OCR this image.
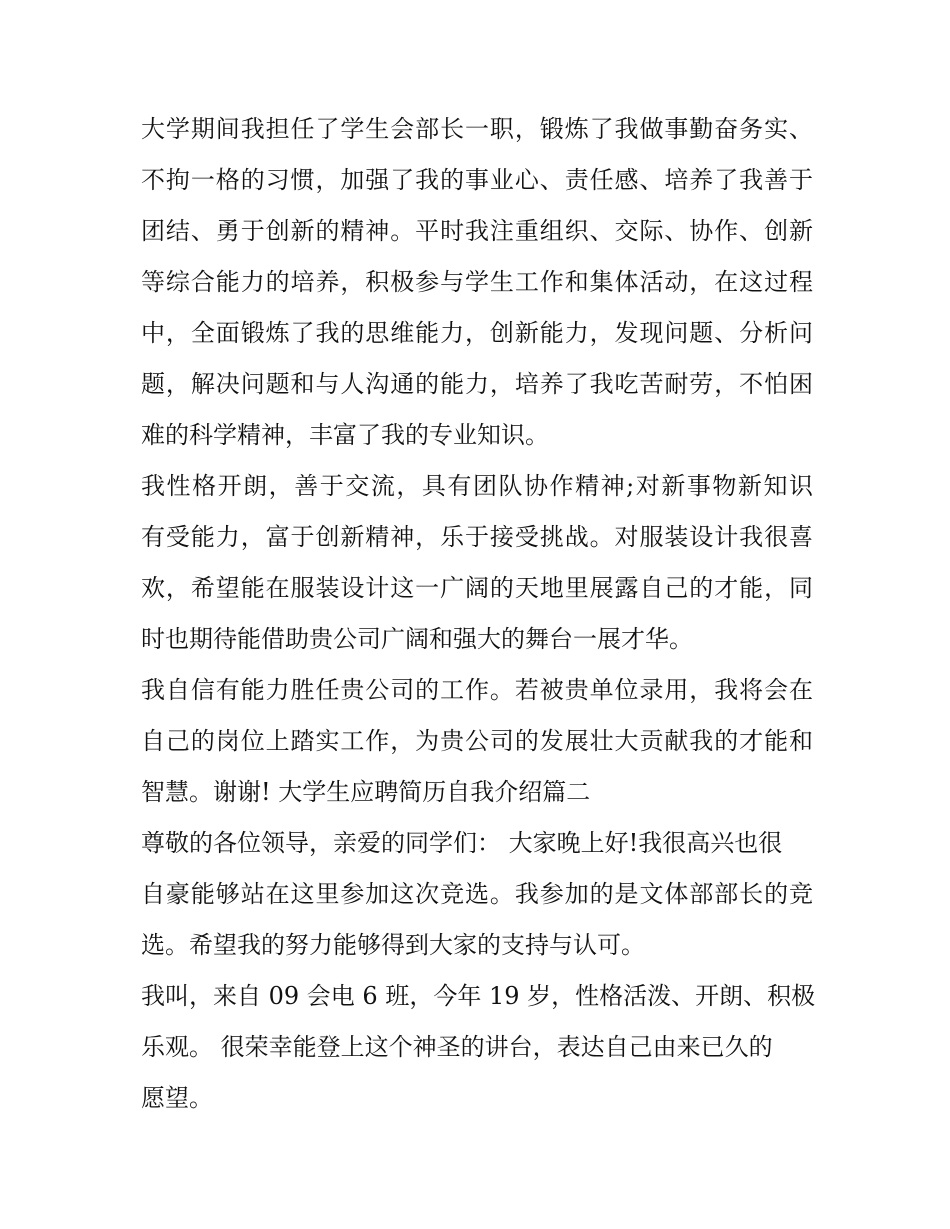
大学期间我担任了学生会部长一职，锻炼了我做事勤奋务实、
不拘一格的习惯，加强了我的事业心、责任感、培养了我善于
团结、勇于创新的精神。平时我注重组织、交际、协作、创新
等综合能力的培养，积极参与学生工作和集体活动，在这过程
中，全面锻炼了我的思维能力，创新能力，发现问题、分析问
题，解决问题和与人沟通的能力，培养了我吃苦耐劳，不怕困
难的科学精神，丰富了我的专业知识。
我性格开朗，善于交流，具有团队协作精神;对新事物新知识
有受能力，富于创新精神，乐于接受挑战。对服装设计我很喜
欢，希望能在服装设计这一广阔的天地里展露自己的才能，同
时也期待能借助贵公司广阔和强大的舞台一展才华。
我自信有能力胜任贵公司的工作。若被贵单位录用，我将会在
自己的岗位上踏实工作，为贵公司的发展壮大贡献我的才能和
智慧。谢谢! 大学生应聘简历自我介绍篇二
尊敬的各位领导，亲爱的同学们： 大家晚上好!我很高兴也很
自豪能够站在这里参加这次竞选。我参加的是文体部部长的竞
选。希望我的努力能够得到大家的支持与认可。
我叫，来自 09 会电 6 班，今年 19 岁，性格活泼、开朗、积极
乐观。 很荣幸能登上这个神圣的讲台，表达自己由来已久的
愿望。
